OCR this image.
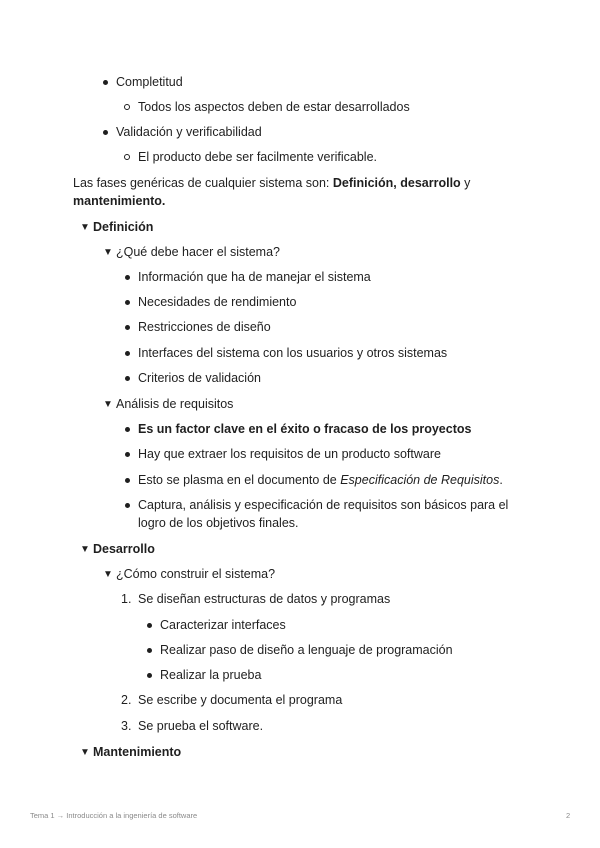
Completitud
Todos los aspectos deben de estar desarrollados
Validación y verificabilidad
El producto debe ser facilmente verificable.
Las fases genéricas de cualquier sistema son: Definición, desarrollo y
mantenimiento.
▼ Definición
▼ ¿Qué debe hacer el sistema?
Información que ha de manejar el sistema
Necesidades de rendimiento
Restricciones de diseño
Interfaces del sistema con los usuarios y otros sistemas
Criterios de validación
▼ Análisis de requisitos
Es un factor clave en el éxito o fracaso de los proyectos
Hay que extraer los requisitos de un producto software
Esto se plasma en el documento de Especificación de Requisitos.
Captura, análisis y especificación de requisitos son básicos para el
logro de los objetivos finales.
▼ Desarrollo
▼ ¿Cómo construir el sistema?
1. Se diseñan estructuras de datos y programas
Caracterizar interfaces
Realizar paso de diseño a lenguaje de programación
Realizar la prueba
2. Se escribe y documenta el programa
3. Se prueba el software.
▼ Mantenimiento
Tema 1 → Introducción a la ingeniería de software	2
